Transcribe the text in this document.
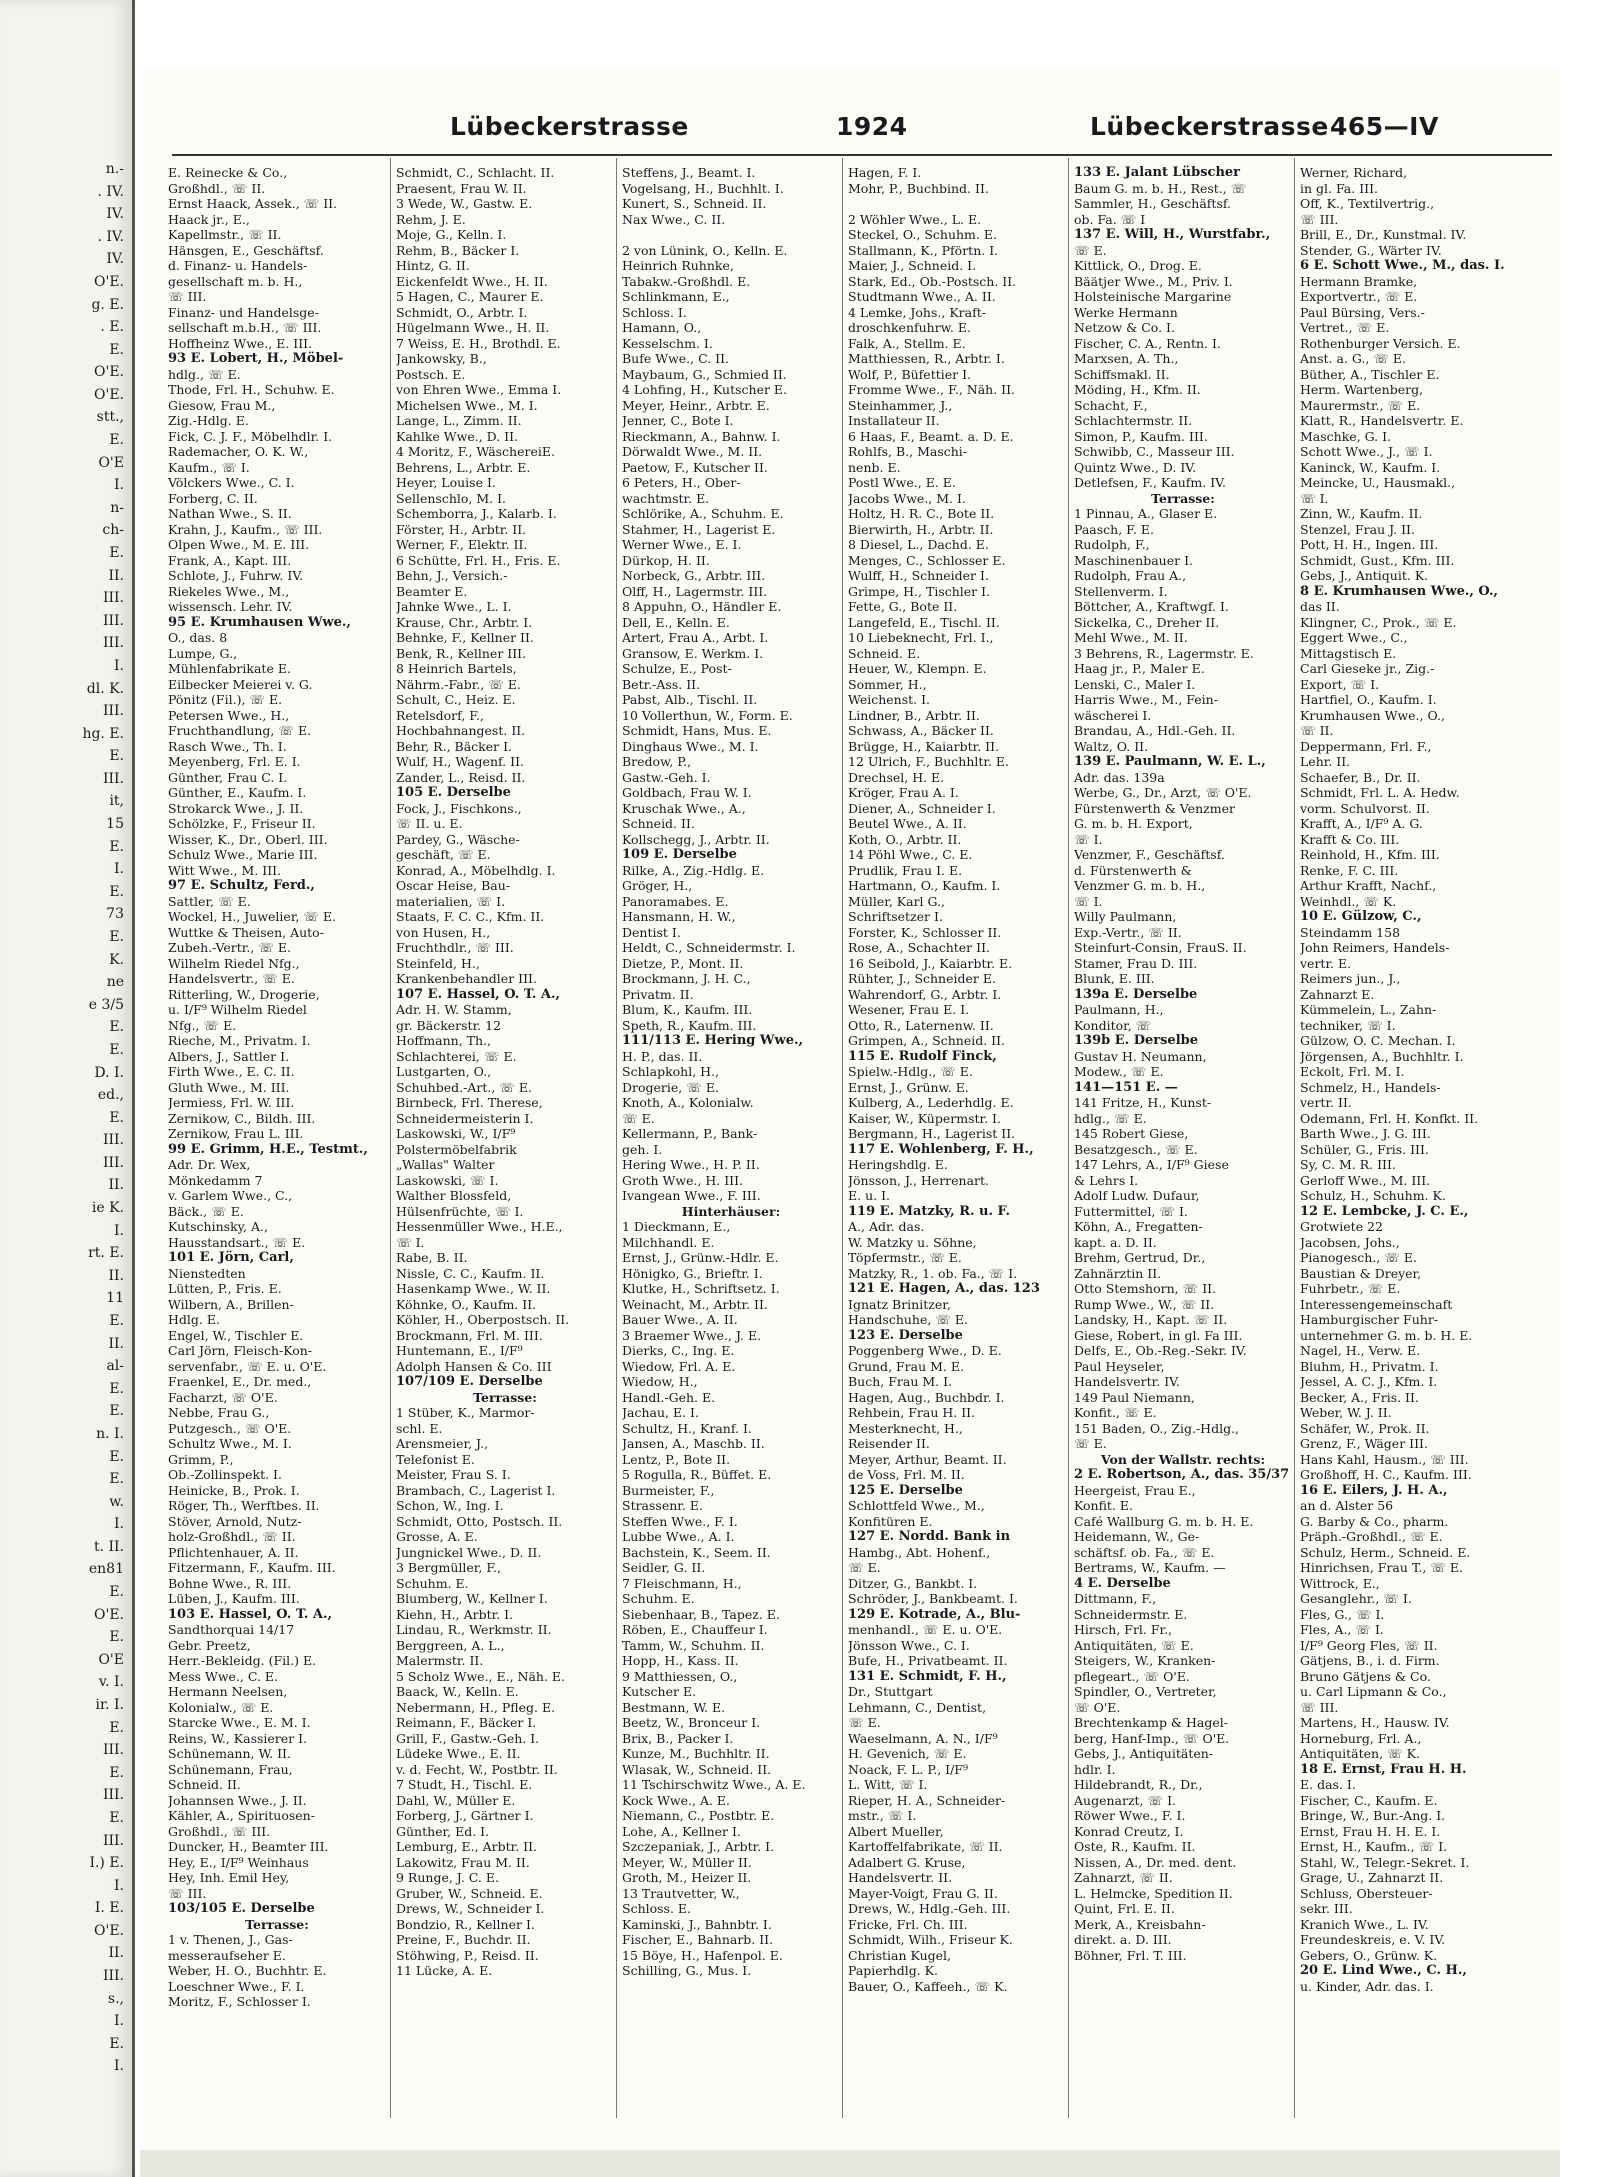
n.-
. IV.
IV.
. IV.
IV.
O'E.
g. E.
. E.
E.
O'E.
O'E.
stt.,
E.
O'E
I.
n-
ch-
E.
II.
III.
III.
III.
I.
dl. K.
III.
hg. E.
E.
III.
it,
15
E.
I.
E.
73
E.
K.
ne
e 3/5
E.
E.
D. I.
ed.,
E.
III.
III.
II.
ie K.
I.
rt. E.
II.
11
E.
II.
al-
E.
E.
n. I.
E.
E.
w.
I.
t. II.
en81
E.
O'E.
E.
O'E
v. I.
ir. I.
E.
III.
E.
III.
E.
III.
I.) E.
I.
I. E.
O'E.
II.
III.
s.,
I.
E.
I.
Lübeckerstrasse	1924	Lübeckerstrasse 465—IV
E. Reinecke & Co.,
Großhdl., ☏ II.
Ernst Haack, Assek., ☏ II.
Haack jr., E.,
Kapellmstr., ☏ II.
Hänsgen, E., Geschäftsf.
d. Finanz- u. Handels-
gesellschaft m. b. H.,
☏ III.
Finanz- und Handelsge-
sellschaft m.b.H., ☏ III.
Hoffheinz Wwe., E. III.
93 E. Lobert, H., Möbel-
hdlg., ☏ E.
Thode, Frl. H., Schuhw. E.
Giesow, Frau M.,
Zig.-Hdlg. E.
Fick, C. J. F., Möbelhdlr. I.
Rademacher, O. K. W.,
Kaufm., ☏ I.
Völckers Wwe., C. I.
Forberg, C. II.
Nathan Wwe., S. II.
Krahn, J., Kaufm., ☏ III.
Olpen Wwe., M. E. III.
Frank, A., Kapt. III.
Schlote, J., Fuhrw. IV.
Riekeles Wwe., M.,
wissensch. Lehr. IV.
95 E. Krumhausen Wwe.,
O., das. 8
Lumpe, G.,
Mühlenfabrikate E.
Eilbecker Meierei v. G.
Pönitz (Fil.), ☏ E.
Petersen Wwe., H.,
Fruchthandlung, ☏ E.
Rasch Wwe., Th. I.
Meyenberg, Frl. E. I.
Günther, Frau C. I.
Günther, E., Kaufm. I.
Strokarck Wwe., J. II.
Schölzke, F., Friseur II.
Wisser, K., Dr., Oberl. III.
Schulz Wwe., Marie III.
Witt Wwe., M. III.
97 E. Schultz, Ferd.,
Sattler, ☏ E.
Wockel, H., Juwelier, ☏ E.
Wuttke & Theisen, Auto-
Zubeh.-Vertr., ☏ E.
Wilhelm Riedel Nfg.,
Handelsvertr., ☏ E.
Ritterling, W., Drogerie,
u. I/F⁹ Wilhelm Riedel
Nfg., ☏ E.
Rieche, M., Privatm. I.
Albers, J., Sattler I.
Firth Wwe., E. C. II.
Gluth Wwe., M. III.
Jermiess, Frl. W. III.
Zernikow, C., Bildh. III.
Zernikow, Frau L. III.
99 E. Grimm, H.E., Testmt.,
Adr. Dr. Wex,
Mönkedamm 7
v. Garlem Wwe., C.,
Bäck., ☏ E.
Kutschinsky, A.,
Hausstandsart., ☏ E.
101 E. Jörn, Carl,
Nienstedten
Lütten, P., Fris. E.
Wilbern, A., Brillen-
Hdlg. E.
Engel, W., Tischler E.
Carl Jörn, Fleisch-Kon-
servenfabr., ☏ E. u. O'E.
Fraenkel, E., Dr. med.,
Facharzt, ☏ O'E.
Nebbe, Frau G.,
Putzgesch., ☏ O'E.
Schultz Wwe., M. I.
Grimm, P.,
Ob.-Zollinspekt. I.
Heinicke, B., Prok. I.
Röger, Th., Werftbes. II.
Stöver, Arnold, Nutz-
holz-Großhdl., ☏ II.
Pflichtenhauer, A. II.
Fitzermann, F., Kaufm. III.
Bohne Wwe., R. III.
Lüben, J., Kaufm. III.
103 E. Hassel, O. T. A.,
Sandthorquai 14/17
Gebr. Preetz,
Herr.-Bekleidg. (Fil.) E.
Mess Wwe., C. E.
Hermann Neelsen,
Kolonialw., ☏ E.
Starcke Wwe., E. M. I.
Reins, W., Kassierer I.
Schünemann, W. II.
Schünemann, Frau,
Schneid. II.
Johannsen Wwe., J. II.
Kähler, A., Spirituosen-
Großhdl., ☏ III.
Duncker, H., Beamter III.
Hey, E., I/F⁹ Weinhaus
Hey, Inh. Emil Hey,
☏ III.
103/105 E. Derselbe
Terrasse:
1 v. Thenen, J., Gas-
messeraufseher E.
Weber, H. O., Buchhtr. E.
Loeschner Wwe., F. I.
Moritz, F., Schlosser I.
Schmidt, C., Schlacht. II.
Praesent, Frau W. II.
3 Wede, W., Gastw. E.
Rehm, J. E.
Moje, G., Kelln. I.
Rehm, B., Bäcker I.
Hintz, G. II.
Eickenfeldt Wwe., H. II.
5 Hagen, C., Maurer E.
Schmidt, O., Arbtr. I.
Hügelmann Wwe., H. II.
7 Weiss, E. H., Brothdl. E.
Jankowsky, B.,
Postsch. E.
von Ehren Wwe., Emma I.
Michelsen Wwe., M. I.
Lange, L., Zimm. II.
Kahlke Wwe., D. II.
4 Moritz, F., WäschereiE.
Behrens, L., Arbtr. E.
Heyer, Louise I.
Sellenschlo, M. I.
Schemborra, J., Kalarb. I.
Förster, H., Arbtr. II.
Werner, F., Elektr. II.
6 Schütte, Frl. H., Fris. E.
Behn, J., Versich.-
Beamter E.
Jahnke Wwe., L. I.
Krause, Chr., Arbtr. I.
Behnke, F., Kellner II.
Benk, R., Kellner III.
8 Heinrich Bartels,
Nährm.-Fabr., ☏ E.
Schult, C., Heiz. E.
Retelsdorf, F.,
Hochbahnangest. II.
Behr, R., Bäcker I.
Wulf, H., Wagenf. II.
Zander, L., Reisd. II.
105 E. Derselbe
Fock, J., Fischkons.,
☏ II. u. E.
Pardey, G., Wäsche-
geschäft, ☏ E.
Konrad, A., Möbelhdlg. I.
Oscar Heise, Bau-
materialien, ☏ I.
Staats, F. C. C., Kfm. II.
von Husen, H.,
Fruchthdlr., ☏ III.
Steinfeld, H.,
Krankenbehandler III.
107 E. Hassel, O. T. A.,
Adr. H. W. Stamm,
gr. Bäckerstr. 12
Hoffmann, Th.,
Schlachterei, ☏ E.
Lustgarten, O.,
Schuhbed.-Art., ☏ E.
Birnbeck, Frl. Therese,
Schneidermeisterin I.
Laskowski, W., I/F⁹
Polstermöbelfabrik
„Wallas" Walter
Laskowski, ☏ I.
Walther Blossfeld,
Hülsenfrüchte, ☏ I.
Hessenmüller Wwe., H.E.,
☏ I.
Rabe, B. II.
Nissle, C. C., Kaufm. II.
Hasenkamp Wwe., W. II.
Köhnke, O., Kaufm. II.
Köhler, H., Oberpostsch. II.
Brockmann, Frl. M. III.
Huntemann, E., I/F⁹
Adolph Hansen & Co. III
107/109 E. Derselbe
Terrasse:
1 Stüber, K., Marmor-
schl. E.
Arensmeier, J.,
Telefonist E.
Meister, Frau S. I.
Brambach, C., Lagerist I.
Schon, W., Ing. I.
Schmidt, Otto, Postsch. II.
Grosse, A. E.
Jungnickel Wwe., D. II.
3 Bergmüller, F.,
Schuhm. E.
Blumberg, W., Kellner I.
Kiehn, H., Arbtr. I.
Lindau, R., Werkmstr. II.
Berggreen, A. L.,
Malermstr. II.
5 Scholz Wwe., E., Näh. E.
Baack, W., Kelln. E.
Nebermann, H., Pfleg. E.
Reimann, F., Bäcker I.
Grill, F., Gastw.-Geh. I.
Lüdeke Wwe., E. II.
v. d. Fecht, W., Postbtr. II.
7 Studt, H., Tischl. E.
Dahl, W., Müller E.
Forberg, J., Gärtner I.
Günther, Ed. I.
Lemburg, E., Arbtr. II.
Lakowitz, Frau M. II.
9 Runge, J. C. E.
Gruber, W., Schneid. E.
Drews, W., Schneider I.
Bondzio, R., Kellner I.
Preine, F., Buchdr. II.
Stöhwing, P., Reisd. II.
11 Lücke, A. E.
Steffens, J., Beamt. I.
Vogelsang, H., Buchhlt. I.
Kunert, S., Schneid. II.
Nax Wwe., C. II.
2 von Lünink, O., Kelln. E.
Heinrich Ruhnke,
Tabakw.-Großhdl. E.
Schlinkmann, E.,
Schloss. I.
Hamann, O.,
Kesselschm. I.
Bufe Wwe., C. II.
Maybaum, G., Schmied II.
4 Lohfing, H., Kutscher E.
Meyer, Heinr., Arbtr. E.
Jenner, C., Bote I.
Rieckmann, A., Bahnw. I.
Dörwaldt Wwe., M. II.
Paetow, F., Kutscher II.
6 Peters, H., Ober-
wachtmstr. E.
Schlörike, A., Schuhm. E.
Stahmer, H., Lagerist E.
Werner Wwe., E. I.
Dürkop, H. II.
Norbeck, G., Arbtr. III.
Olff, H., Lagermstr. III.
8 Appuhn, O., Händler E.
Dell, E., Kelln. E.
Artert, Frau A., Arbt. I.
Gransow, E. Werkm. I.
Schulze, E., Post-
Betr.-Ass. II.
Pabst, Alb., Tischl. II.
10 Vollerthun, W., Form. E.
Schmidt, Hans, Mus. E.
Dinghaus Wwe., M. I.
Bredow, P.,
Gastw.-Geh. I.
Goldbach, Frau W. I.
Kruschak Wwe., A.,
Schneid. II.
Kollschegg, J., Arbtr. II.
109 E. Derselbe
Rilke, A., Zig.-Hdlg. E.
Gröger, H.,
Panoramabes. E.
Hansmann, H. W.,
Dentist I.
Heldt, C., Schneidermstr. I.
Dietze, P., Mont. II.
Brockmann, J. H. C.,
Privatm. II.
Blum, K., Kaufm. III.
Speth, R., Kaufm. III.
111/113 E. Hering Wwe.,
H. P., das. II.
Schlapkohl, H.,
Drogerie, ☏ E.
Knoth, A., Kolonialw.
☏ E.
Kellermann, P., Bank-
geh. I.
Hering Wwe., H. P. II.
Groth Wwe., H. III.
Ivangean Wwe., F. III.
Hinterhäuser:
1 Dieckmann, E.,
Milchhandl. E.
Ernst, J., Grünw.-Hdlr. E.
Hönigko, G., Brieftr. I.
Klutke, H., Schriftsetz. I.
Weinacht, M., Arbtr. II.
Bauer Wwe., A. II.
3 Braemer Wwe., J. E.
Dierks, C., Ing. E.
Wiedow, Frl. A. E.
Wiedow, H.,
Handl.-Geh. E.
Jachau, E. I.
Schultz, H., Kranf. I.
Jansen, A., Maschb. II.
Lentz, P., Bote II.
5 Rogulla, R., Büffet. E.
Burmeister, F.,
Strassenr. E.
Steffen Wwe., F. I.
Lubbe Wwe., A. I.
Bachstein, K., Seem. II.
Seidler, G. II.
7 Fleischmann, H.,
Schuhm. E.
Siebenhaar, B., Tapez. E.
Röben, E., Chauffeur I.
Tamm, W., Schuhm. II.
Hopp, H., Kass. II.
9 Matthiessen, O.,
Kutscher E.
Bestmann, W. E.
Beetz, W., Bronceur I.
Brix, B., Packer I.
Kunze, M., Buchhltr. II.
Wlasak, W., Schneid. II.
11 Tschirschwitz Wwe., A. E.
Kock Wwe., A. E.
Niemann, C., Postbtr. E.
Lohe, A., Kellner I.
Szczepaniak, J., Arbtr. I.
Meyer, W., Müller II.
Groth, M., Heizer II.
13 Trautvetter, W.,
Schloss. E.
Kaminski, J., Bahnbtr. I.
Fischer, E., Bahnarb. II.
15 Böye, H., Hafenpol. E.
Schilling, G., Mus. I.
Hagen, F. I.
Mohr, P., Buchbind. II.
2 Wöhler Wwe., L. E.
Steckel, O., Schuhm. E.
Stallmann, K., Pförtn. I.
Maier, J., Schneid. I.
Stark, Ed., Ob.-Postsch. II.
Studtmann Wwe., A. II.
4 Lemke, Johs., Kraft-
droschkenfuhrw. E.
Falk, A., Stellm. E.
Matthiessen, R., Arbtr. I.
Wolf, P., Büfettier I.
Fromme Wwe., F., Näh. II.
Steinhammer, J.,
Installateur II.
6 Haas, F., Beamt. a. D. E.
Rohlfs, B., Maschi-
nenb. E.
Postl Wwe., E. E.
Jacobs Wwe., M. I.
Holtz, H. R. C., Bote II.
Bierwirth, H., Arbtr. II.
8 Diesel, L., Dachd. E.
Menges, C., Schlosser E.
Wulff, H., Schneider I.
Grimpe, H., Tischler I.
Fette, G., Bote II.
Langefeld, E., Tischl. II.
10 Liebeknecht, Frl. I.,
Schneid. E.
Heuer, W., Klempn. E.
Sommer, H.,
Weichenst. I.
Lindner, B., Arbtr. II.
Schwass, A., Bäcker II.
Brügge, H., Kaiarbtr. II.
12 Ulrich, F., Buchhltr. E.
Drechsel, H. E.
Kröger, Frau A. I.
Diener, A., Schneider I.
Beutel Wwe., A. II.
Koth, O., Arbtr. II.
14 Pöhl Wwe., C. E.
Prudlik, Frau I. E.
Hartmann, O., Kaufm. I.
Müller, Karl G.,
Schriftsetzer I.
Forster, K., Schlosser II.
Rose, A., Schachter II.
16 Seibold, J., Kaiarbtr. E.
Rühter, J., Schneider E.
Wahrendorf, G., Arbtr. I.
Wesener, Frau E. I.
Otto, R., Laternenw. II.
Grimpen, A., Schneid. II.
115 E. Rudolf Finck,
Spielw.-Hdlg., ☏ E.
Ernst, J., Grünw. E.
Kulberg, A., Lederhdlg. E.
Kaiser, W., Küpermstr. I.
Bergmann, H., Lagerist II.
117 E. Wohlenberg, F. H.,
Heringshdlg. E.
Jönsson, J., Herrenart.
E. u. I.
119 E. Matzky, R. u. F.
A., Adr. das.
W. Matzky u. Söhne,
Töpfermstr., ☏ E.
Matzky, R., 1. ob. Fa., ☏ I.
121 E. Hagen, A., das. 123
Ignatz Brinitzer,
Handschuhe, ☏ E.
123 E. Derselbe
Poggenberg Wwe., D. E.
Grund, Frau M. E.
Buch, Frau M. I.
Hagen, Aug., Buchbdr. I.
Rehbein, Frau H. II.
Mesterknecht, H.,
Reisender II.
Meyer, Arthur, Beamt. II.
de Voss, Frl. M. II.
125 E. Derselbe
Schlottfeld Wwe., M.,
Konfitüren E.
127 E. Nordd. Bank in
Hambg., Abt. Hohenf.,
☏ E.
Ditzer, G., Bankbt. I.
Schröder, J., Bankbeamt. I.
129 E. Kotrade, A., Blu-
menhandl., ☏ E. u. O'E.
Jönsson Wwe., C. I.
Bufe, H., Privatbeamt. II.
131 E. Schmidt, F. H.,
Dr., Stuttgart
Lehmann, C., Dentist,
☏ E.
Waeselmann, A. N., I/F⁹
H. Gevenich, ☏ E.
Noack, F. L. P., I/F⁹
L. Witt, ☏ I.
Rieper, H. A., Schneider-
mstr., ☏ I.
Albert Mueller,
Kartoffelfabrikate, ☏ II.
Adalbert G. Kruse,
Handelsvertr. II.
Mayer-Voigt, Frau G. II.
Drews, W., Hdlg.-Geh. III.
Fricke, Frl. Ch. III.
Schmidt, Wilh., Friseur K.
Christian Kugel,
Papierhdlg. K.
Bauer, O., Kaffeeh., ☏ K.
133 E. Jalant Lübscher
Baum G. m. b. H., Rest., ☏
Sammler, H., Geschäftsf.
ob. Fa. ☏ I
137 E. Will, H., Wurstfabr.,
☏ E.
Kittlick, O., Drog. E.
Bäätjer Wwe., M., Priv. I.
Holsteinische Margarine
Werke Hermann
Netzow & Co. I.
Fischer, C. A., Rentn. I.
Marxsen, A. Th.,
Schiffsmakl. II.
Möding, H., Kfm. II.
Schacht, F.,
Schlachtermstr. II.
Simon, P., Kaufm. III.
Schwibb, C., Masseur III.
Quintz Wwe., D. IV.
Detlefsen, F., Kaufm. IV.
Terrasse:
1 Pinnau, A., Glaser E.
Paasch, F. E.
Rudolph, F.,
Maschinenbauer I.
Rudolph, Frau A.,
Stellenverm. I.
Böttcher, A., Kraftwgf. I.
Sickelka, C., Dreher II.
Mehl Wwe., M. II.
3 Behrens, R., Lagermstr. E.
Haag jr., P., Maler E.
Lenski, C., Maler I.
Harris Wwe., M., Fein-
wäscherei I.
Brandau, A., Hdl.-Geh. II.
Waltz, O. II.
139 E. Paulmann, W. E. L.,
Adr. das. 139a
Werbe, G., Dr., Arzt, ☏ O'E.
Fürstenwerth & Venzmer
G. m. b. H. Export,
☏ I.
Venzmer, F., Geschäftsf.
d. Fürstenwerth &
Venzmer G. m. b. H.,
☏ I.
Willy Paulmann,
Exp.-Vertr., ☏ II.
Steinfurt-Consin, FrauS. II.
Stamer, Frau D. III.
Blunk, E. III.
139a E. Derselbe
Paulmann, H.,
Konditor, ☏
139b E. Derselbe
Gustav H. Neumann,
Modew., ☏ E.
141—151 E. —
141 Fritze, H., Kunst-
hdlg., ☏ E.
145 Robert Giese,
Besatzgesch., ☏ E.
147 Lehrs, A., I/F⁹ Giese
& Lehrs I.
Adolf Ludw. Dufaur,
Futtermittel, ☏ I.
Köhn, A., Fregatten-
kapt. a. D. II.
Brehm, Gertrud, Dr.,
Zahnärztin II.
Otto Stemshorn, ☏ II.
Rump Wwe., W., ☏ II.
Landsky, H., Kapt. ☏ II.
Giese, Robert, in gl. Fa III.
Delfs, E., Ob.-Reg.-Sekr. IV.
Paul Heyseler,
Handelsvertr. IV.
149 Paul Niemann,
Konfit., ☏ E.
151 Baden, O., Zig.-Hdlg.,
☏ E.
Von der Wallstr. rechts:
2 E. Robertson, A., das. 35/37
Heergeist, Frau E.,
Konfit. E.
Café Wallburg G. m. b. H. E.
Heidemann, W., Ge-
schäftsf. ob. Fa., ☏ E.
Bertrams, W., Kaufm. —
4 E. Derselbe
Dittmann, F.,
Schneidermstr. E.
Hirsch, Frl. Fr.,
Antiquitäten, ☏ E.
Steigers, W., Kranken-
pflegeart., ☏ O'E.
Spindler, O., Vertreter,
☏ O'E.
Brechtenkamp & Hagel-
berg, Hanf-Imp., ☏ O'E.
Gebs, J., Antiquitäten-
hdlr. I.
Hildebrandt, R., Dr.,
Augenarzt, ☏ I.
Röwer Wwe., F. I.
Konrad Creutz, I.
Oste, R., Kaufm. II.
Nissen, A., Dr. med. dent.
Zahnarzt, ☏ II.
L. Helmcke, Spedition II.
Quint, Frl. E. II.
Merk, A., Kreisbahn-
direkt. a. D. III.
Böhner, Frl. T. III.
Werner, Richard,
in gl. Fa. III.
Off, K., Textilvertrig.,
☏ III.
Brill, E., Dr., Kunstmal. IV.
Stender, G., Wärter IV.
6 E. Schott Wwe., M., das. I.
Hermann Bramke,
Exportvertr., ☏ E.
Paul Bürsing, Vers.-
Vertret., ☏ E.
Rothenburger Versich. E.
Anst. a. G., ☏ E.
Büther, A., Tischler E.
Herm. Wartenberg,
Maurermstr., ☏ E.
Klatt, R., Handelsvertr. E.
Maschke, G. I.
Schott Wwe., J., ☏ I.
Kaninck, W., Kaufm. I.
Meincke, U., Hausmakl.,
☏ I.
Zinn, W., Kaufm. II.
Stenzel, Frau J. II.
Pott, H. H., Ingen. III.
Schmidt, Gust., Kfm. III.
Gebs, J., Antiquit. K.
8 E. Krumhausen Wwe., O.,
das II.
Klingner, C., Prok., ☏ E.
Eggert Wwe., C.,
Mittagstisch E.
Carl Gieseke jr., Zig.-
Export, ☏ I.
Hartfiel, O., Kaufm. I.
Krumhausen Wwe., O.,
☏ II.
Deppermann, Frl. F.,
Lehr. II.
Schaefer, B., Dr. II.
Schmidt, Frl. L. A. Hedw.
vorm. Schulvorst. II.
Krafft, A., I/F⁹ A. G.
Krafft & Co. III.
Reinhold, H., Kfm. III.
Renke, F. C. III.
Arthur Krafft, Nachf.,
Weinhdl., ☏ K.
10 E. Gülzow, C.,
Steindamm 158
John Reimers, Handels-
vertr. E.
Reimers jun., J.,
Zahnarzt E.
Kümmelein, L., Zahn-
techniker, ☏ I.
Gülzow, O. C. Mechan. I.
Jörgensen, A., Buchhltr. I.
Eckolt, Frl. M. I.
Schmelz, H., Handels-
vertr. II.
Odemann, Frl. H. Konfkt. II.
Barth Wwe., J. G. III.
Schüler, G., Fris. III.
Sy, C. M. R. III.
Gerloff Wwe., M. III.
Schulz, H., Schuhm. K.
12 E. Lembcke, J. C. E.,
Grotwiete 22
Jacobsen, Johs.,
Pianogesch., ☏ E.
Baustian & Dreyer,
Fuhrbetr., ☏ E.
Interessengemeinschaft
Hamburgischer Fuhr-
unternehmer G. m. b. H. E.
Nagel, H., Verw. E.
Bluhm, H., Privatm. I.
Jessel, A. C. J., Kfm. I.
Becker, A., Fris. II.
Weber, W. J. II.
Schäfer, W., Prok. II.
Grenz, F., Wäger III.
Hans Kahl, Hausm., ☏ III.
Großhoff, H. C., Kaufm. III.
16 E. Eilers, J. H. A.,
an d. Alster 56
G. Barby & Co., pharm.
Präph.-Großhdl., ☏ E.
Schulz, Herm., Schneid. E.
Hinrichsen, Frau T., ☏ E.
Wittrock, E.,
Gesanglehr., ☏ I.
Fles, G., ☏ I.
Fles, A., ☏ I.
I/F⁹ Georg Fles, ☏ II.
Gätjens, B., i. d. Firm.
Bruno Gätjens & Co.
u. Carl Lipmann & Co.,
☏ III.
Martens, H., Hausw. IV.
Horneburg, Frl. A.,
Antiquitäten, ☏ K.
18 E. Ernst, Frau H. H.
E. das. I.
Fischer, C., Kaufm. E.
Bringe, W., Bur.-Ang. I.
Ernst, Frau H. H. E. I.
Ernst, H., Kaufm., ☏ I.
Stahl, W., Telegr.-Sekret. I.
Grage, U., Zahnarzt II.
Schluss, Obersteuer-
sekr. III.
Kranich Wwe., L. IV.
Freundeskreis, e. V. IV.
Gebers, O., Grünw. K.
20 E. Lind Wwe., C. H.,
u. Kinder, Adr. das. I.
